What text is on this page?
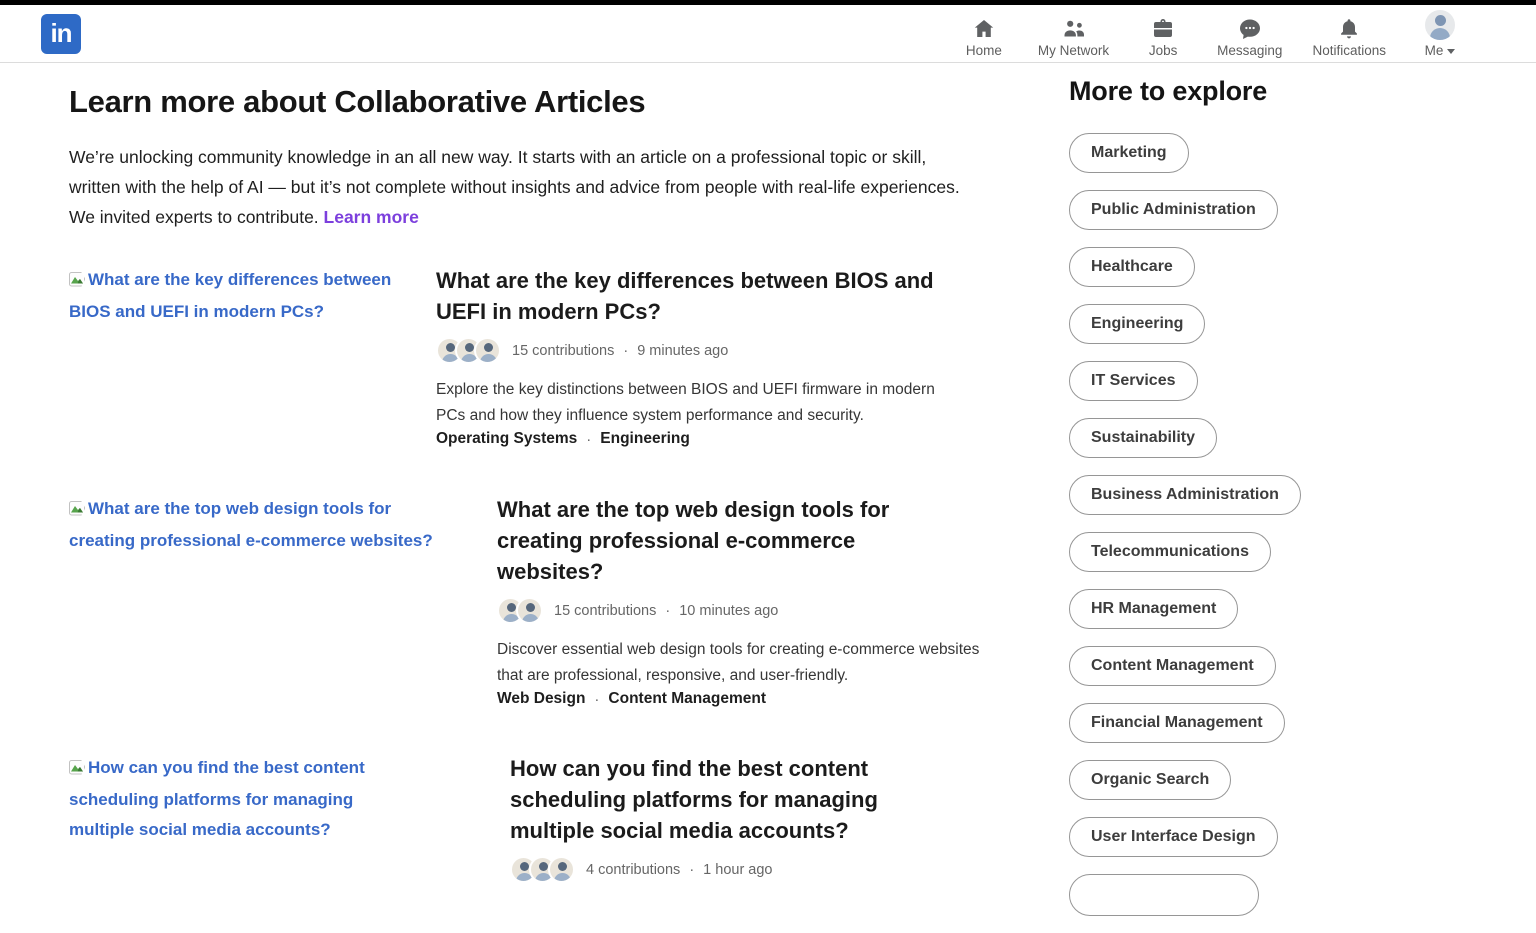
in
Home	My Network	Jobs	Messaging Notifications	Me
Learn more about Collaborative Articles

We’re unlocking community knowledge in an all new way. It starts with an article on a professional topic or skill, written with the help of AI — but it’s not complete without insights and advice from people with real-life experiences. We invited experts to contribute. Learn more

What are the key differences between BIOS and UEFI in modern PCs?
What are the key differences between BIOS and UEFI in modern PCs?
15 contributions · 9 minutes ago

Explore the key distinctions between BIOS and UEFI firmware in modern PCs and how they influence system performance and security.

Operating Systems · Engineering
What are the top web design tools for creating professional e-commerce websites?
What are the top web design tools for creating professional e-commerce websites?
15 contributions · 10 minutes ago

Discover essential web design tools for creating e-commerce websites that are professional, responsive, and user-friendly.

Web Design · Content Management
How can you find the best content scheduling platforms for managing multiple social media accounts?
How can you find the best content scheduling platforms for managing multiple social media accounts?
4 contributions · 1 hour ago
More to explore
Marketing
Public Administration
Healthcare
Engineering
IT Services
Sustainability
Business Administration
Telecommunications
HR Management
Content Management
Financial Management
Organic Search
User Interface Design
